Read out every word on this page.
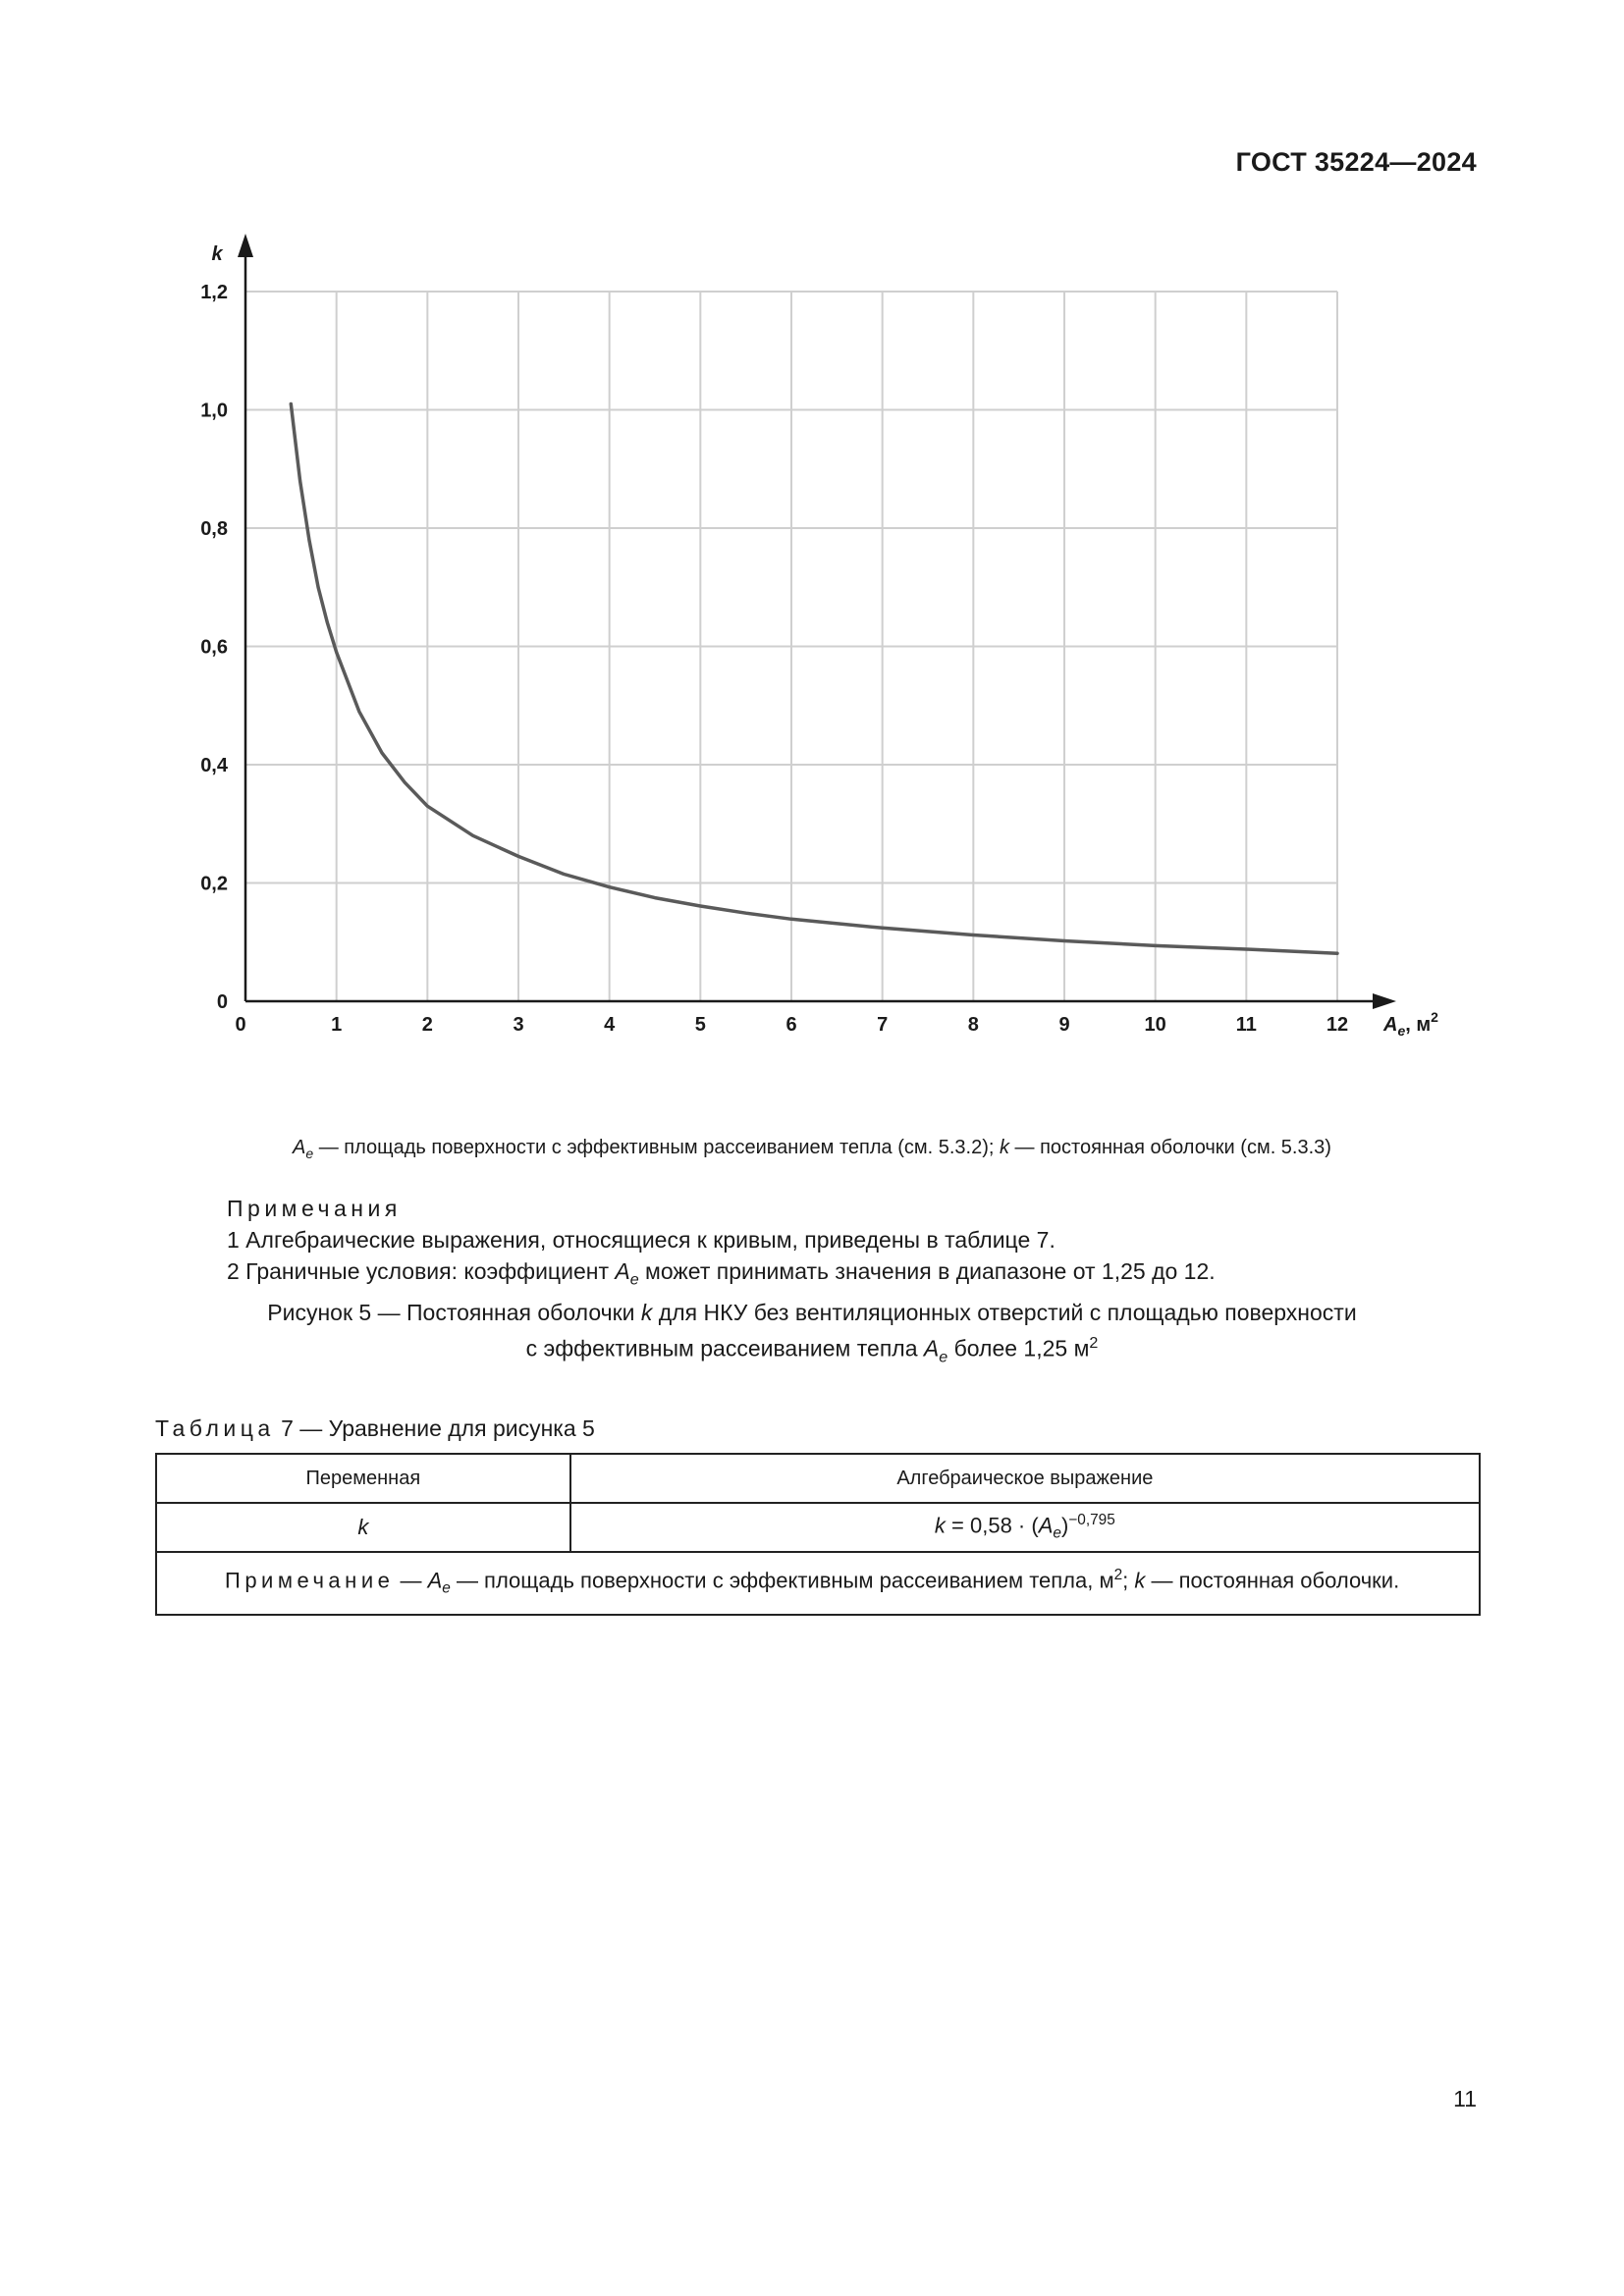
ГОСТ 35224—2024
0	1	2	3	4	5	6	7	8	9	10	11	12
0
0,2
0,4
0,6
0,8
1,0
1,2
k
$A_e$, $м^2$
$A_e$ — площадь поверхности с эффективным рассеиванием тепла (см. 5.3.2); k — постоянная оболочки (см. 5.3.3)
Примечания
1 Алгебраические выражения, относящиеся к кривым, приведены в таблице 7.
2 Граничные условия: коэффициент $A_e$ может принимать значения в диапазоне от 1,25 до 12.
Рисунок 5 — Постоянная оболочки k для НКУ без вентиляционных отверстий с площадью поверхности
с эффективным рассеиванием тепла $A_e$ более 1,25 $м^2$
Таблица 7 — Уравнение для рисунка 5
Переменная	Алгебраическое выражение
k	$k = 0,58 \cdot (A_e)^{-0,795}$
Примечание — $A_e$ — площадь поверхности с эффективным рассеиванием тепла, $м^2$; k — постоянная оболочки.	
11
